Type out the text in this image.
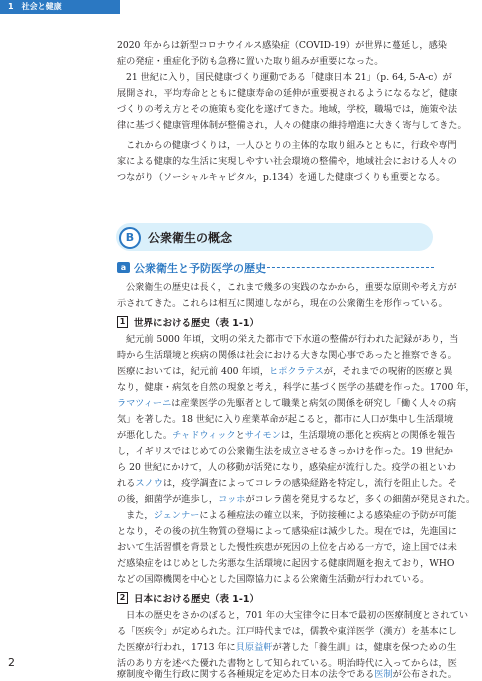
1　社会と健康
2020 年からは新型コロナウイルス感染症（COVID-19）が世界に蔓延し，感染
症の発症・重症化予防も急務に置いた取り組みが重要になった。
21 世紀に入り，国民健康づくり運動である「健康日本 21」（p. 64, 5-A-c）が
展開され，平均寿命とともに健康寿命の延伸が重要視されるようになるなど，健康
づくりの考え方とその施策も変化を遂げてきた。地域，学校，職場では，施策や法
律に基づく健康管理体制が整備され，人々の健康の維持増進に大きく寄与してきた。
これからの健康づくりは，一人ひとりの主体的な取り組みとともに，行政や専門
家による健康的な生活に実現しやすい社会環境の整備や，地域社会における人々の
つながり（ソーシャルキャピタル，p.134）を通した健康づくりも重要となる。
B	公衆衛生の概念
a 公衆衛生と予防医学の歴史
公衆衛生の歴史は長く，これまで幾多の実践のなかから，重要な原則や考え方が
示されてきた。これらは相互に関連しながら，現在の公衆衛生を形作っている。
1 世界における歴史（表 1-1）
紀元前 5000 年頃，文明の栄えた都市で下水道の整備が行われた記録があり，当
時から生活環境と疾病の関係は社会における大きな関心事であったと推察できる。
医療においては，紀元前 400 年頃，ヒポクラテスが，それまでの呪術的医療と異
なり，健康・病気を自然の現象と考え，科学に基づく医学の基礎を作った。1700 年，
ラマツィーニは産業医学の先駆者として職業と病気の関係を研究し「働く人々の病
気」を著した。18 世紀に入り産業革命が起こると，都市に人口が集中し生活環境
が悪化した。チャドウィックとサイモンは，生活環境の悪化と疾病との関係を報告
し，イギリスではじめての公衆衛生法を成立させるきっかけを作った。19 世紀か
ら 20 世紀にかけて，人の移動が活発になり，感染症が流行した。疫学の祖といわ
れるスノウは，疫学調査によってコレラの感染経路を特定し，流行を阻止した。そ
の後，細菌学が進歩し，コッホがコレラ菌を発見するなど，多くの細菌が発見された。
また，ジェンナーによる種痘法の確立以来，予防接種による感染症の予防が可能
となり，その後の抗生物質の登場によって感染症は減少した。現在では，先進国に
おいて生活習慣を背景とした慢性疾患が死因の上位を占める一方で，途上国では未
だ感染症をはじめとした劣悪な生活環境に起因する健康問題を抱えており，WHO
などの国際機関を中心とした国際協力による公衆衛生活動が行われている。
2 日本における歴史（表 1-1）
日本の歴史をさかのぼると，701 年の大宝律令に日本で最初の医療制度とされてい
る「医疾令」が定められた。江戸時代までは，儒教や東洋医学（漢方）を基本にし
た医療が行われ，1713 年に貝原益軒が著した「養生訓」は，健康を保つための生
活のあり方を述べた優れた書物として知られている。明治時代に入ってからは，医
療制度や衛生行政に関する各種規定を定めた日本の法令である医制が公布された。
2
